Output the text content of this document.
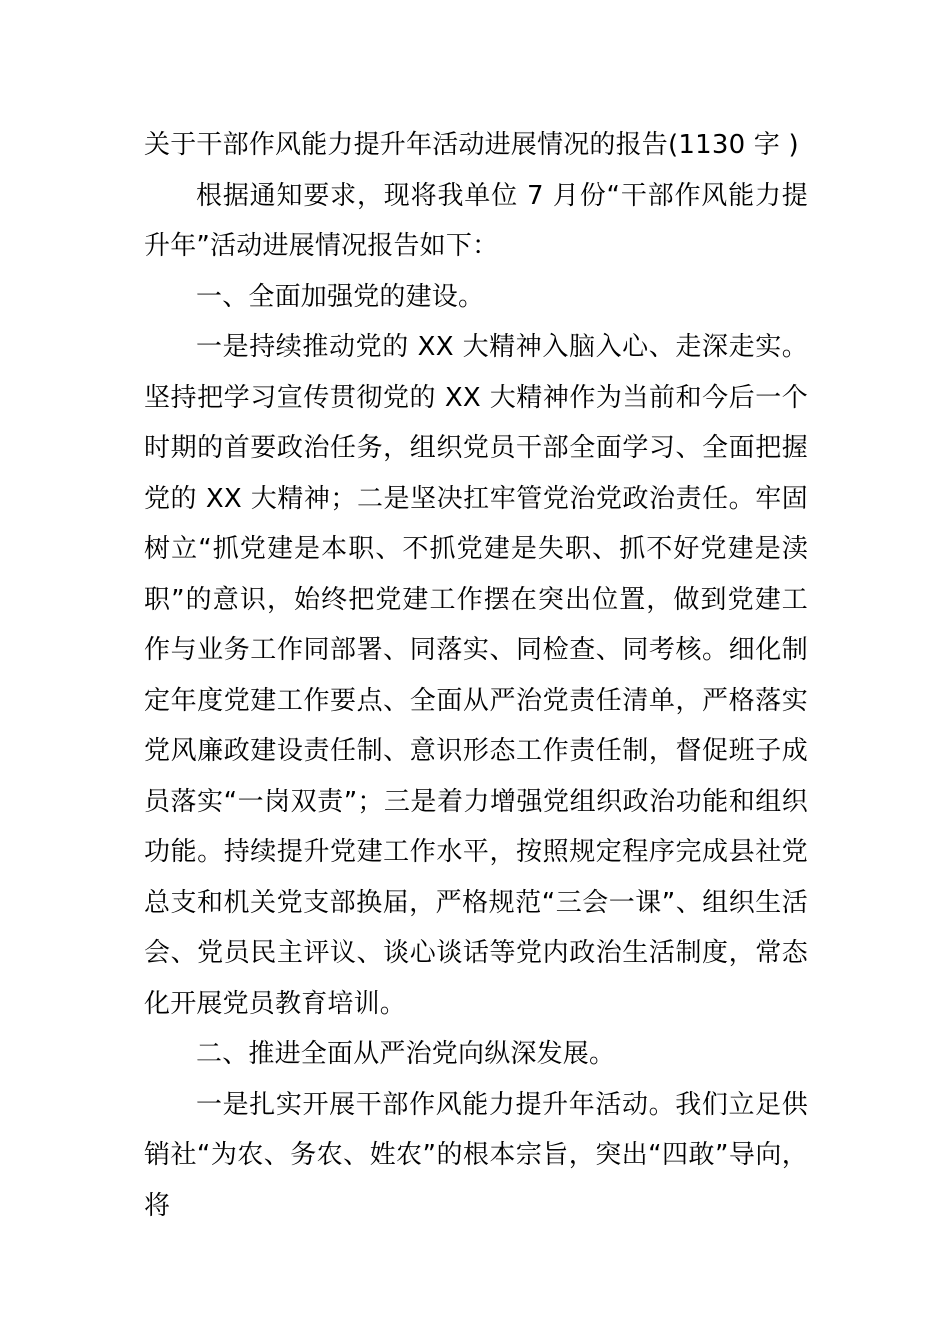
关于干部作风能力提升年活动进展情况的报告(1130 字 )

根据通知要求，现将我单位 7 月份“干部作风能力提升年”活动进展情况报告如下：

一、全面加强党的建设。

一是持续推动党的 XX 大精神入脑入心、走深走实。坚持把学习宣传贯彻党的 XX 大精神作为当前和今后一个时期的首要政治任务，组织党员干部全面学习、全面把握党的 XX 大精神；二是坚决扛牢管党治党政治责任。牢固树立“抓党建是本职、不抓党建是失职、抓不好党建是渎职”的意识，始终把党建工作摆在突出位置，做到党建工作与业务工作同部署、同落实、同检查、同考核。细化制定年度党建工作要点、全面从严治党责任清单，严格落实党风廉政建设责任制、意识形态工作责任制，督促班子成员落实“一岗双责”；三是着力增强党组织政治功能和组织功能。持续提升党建工作水平，按照规定程序完成县社党总支和机关党支部换届，严格规范“三会一课”、组织生活会、党员民主评议、谈心谈话等党内政治生活制度，常态化开展党员教育培训。

二、推进全面从严治党向纵深发展。

一是扎实开展干部作风能力提升年活动。我们立足供销社“为农、务农、姓农”的根本宗旨，突出“四敢”导向，将
